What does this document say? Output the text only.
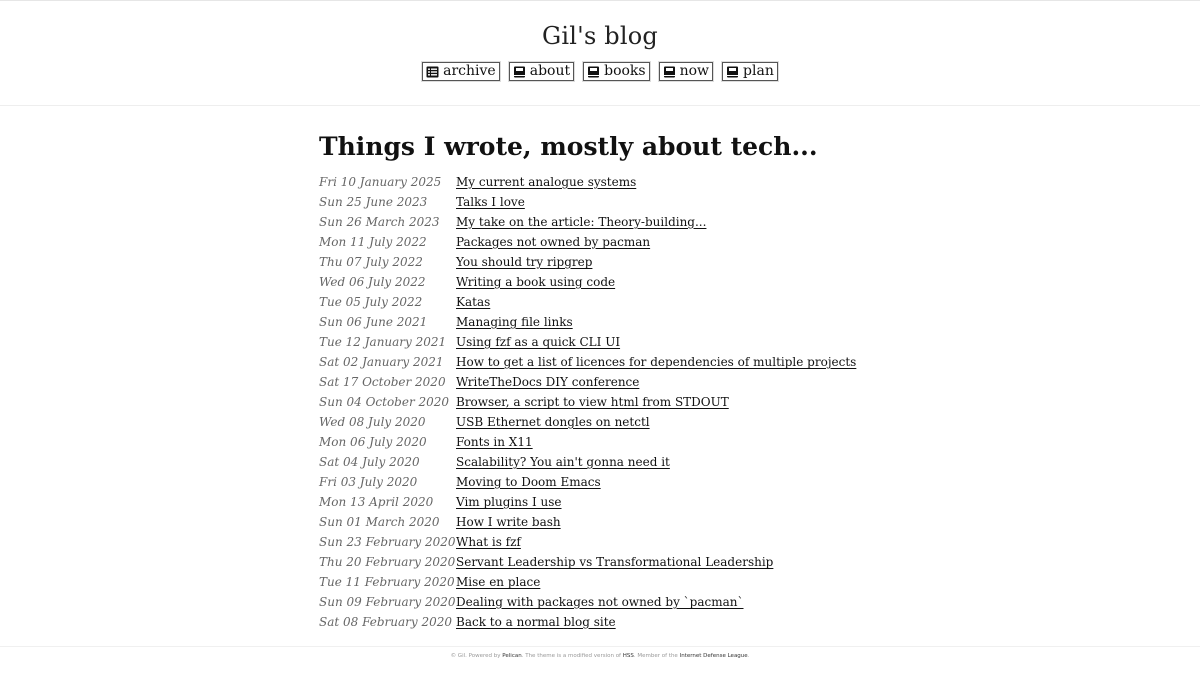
Gil's blog
archive about books now plan
Things I wrote, mostly about tech...
Fri 10 January 2025	My current analogue systems
Sun 25 June 2023	Talks I love
Sun 26 March 2023	My take on the article: Theory-building...
Mon 11 July 2022	Packages not owned by pacman
Thu 07 July 2022	You should try ripgrep
Wed 06 July 2022	Writing a book using code
Tue 05 July 2022	Katas
Sun 06 June 2021	Managing file links
Tue 12 January 2021 Using fzf as a quick CLI UI
Sat 02 January 2021	How to get a list of licences for dependencies of multiple projects
Sat 17 October 2020 WriteTheDocs DIY conference
Sun 04 October 2020 Browser, a script to view html from STDOUT
Wed 08 July 2020	USB Ethernet dongles on netctl
Mon 06 July 2020	Fonts in X11
Sat 04 July 2020	Scalability? You ain't gonna need it
Fri 03 July 2020	Moving to Doom Emacs
Mon 13 April 2020	Vim plugins I use
Sun 01 March 2020	How I write bash
Sun 23 February 2020 What is fzf
Thu 20 February 2020 Servant Leadership vs Transformational Leadership
Tue 11 February 2020 Mise en place
Sun 09 February 2020 Dealing with packages not owned by `pacman`
Sat 08 February 2020 Back to a normal blog site
© Gil. Powered by Pelican. The theme is a modified version of HSS. Member of the Internet Defense League.
